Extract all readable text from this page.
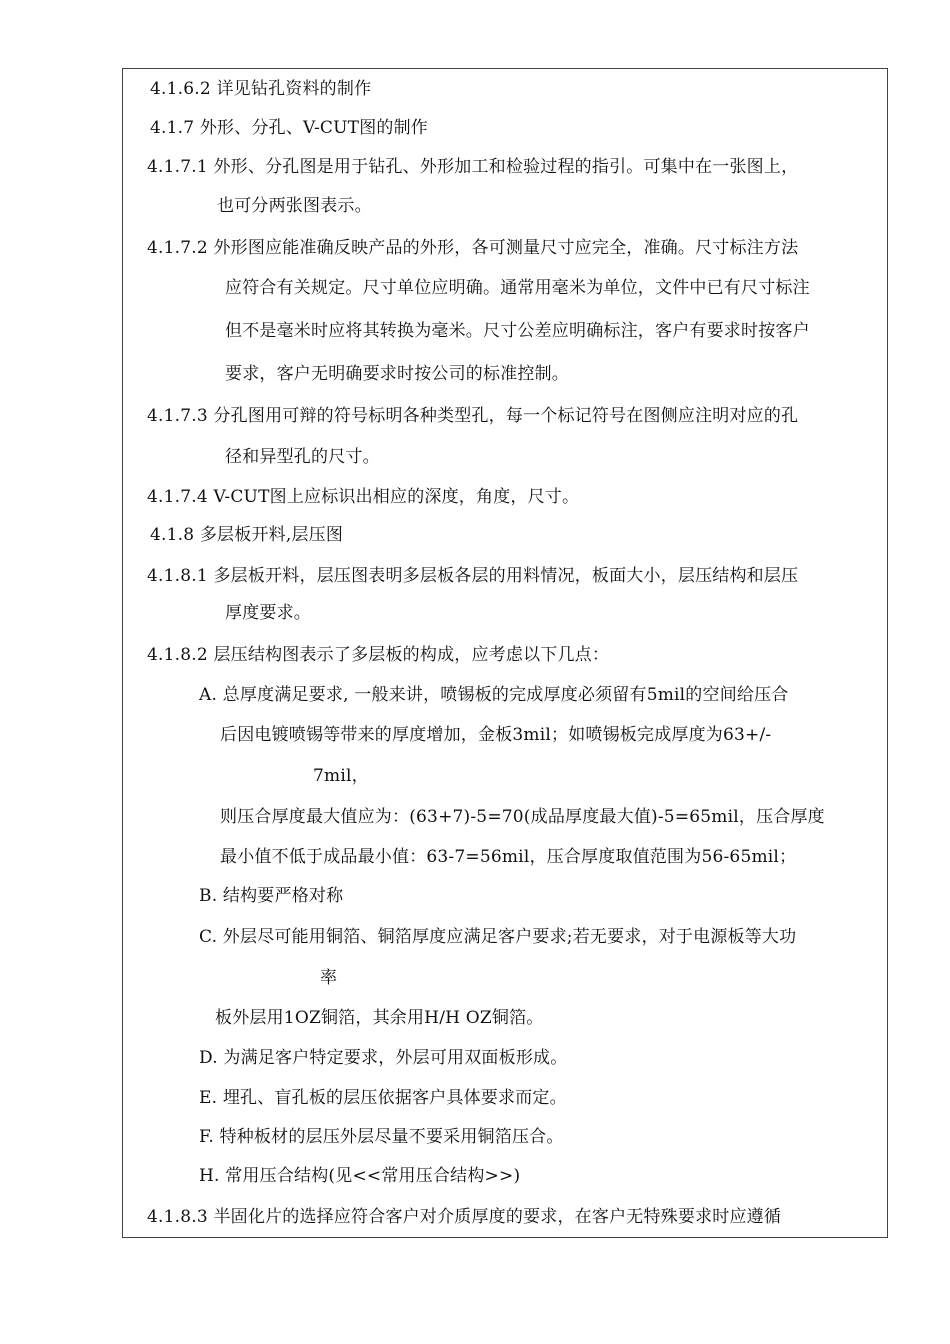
4.1.6.2 详见钻孔资料的制作
4.1.7 外形、分孔、V-CUT图的制作
4.1.7.1 外形、分孔图是用于钻孔、外形加工和检验过程的指引。可集中在一张图上，
也可分两张图表示。
4.1.7.2 外形图应能准确反映产品的外形，各可测量尺寸应完全，准确。尺寸标注方法
应符合有关规定。尺寸单位应明确。通常用毫米为单位，文件中已有尺寸标注
但不是毫米时应将其转换为毫米。尺寸公差应明确标注，客户有要求时按客户
要求，客户无明确要求时按公司的标准控制。
4.1.7.3 分孔图用可辩的符号标明各种类型孔，每一个标记符号在图侧应注明对应的孔
径和异型孔的尺寸。
4.1.7.4 V-CUT图上应标识出相应的深度，角度，尺寸。
4.1.8 多层板开料,层压图
4.1.8.1 多层板开料，层压图表明多层板各层的用料情况，板面大小，层压结构和层压
厚度要求。
4.1.8.2 层压结构图表示了多层板的构成，应考虑以下几点：
A. 总厚度满足要求, 一般来讲，喷锡板的完成厚度必须留有5mil的空间给压合
后因电镀喷锡等带来的厚度增加，金板3mil；如喷锡板完成厚度为63+/-
7mil，
则压合厚度最大值应为：(63+7)-5=70(成品厚度最大值)-5=65mil，压合厚度
最小值不低于成品最小值：63-7=56mil，压合厚度取值范围为56-65mil；
B. 结构要严格对称
C. 外层尽可能用铜箔、铜箔厚度应满足客户要求;若无要求，对于电源板等大功
率
板外层用1OZ铜箔，其余用H/H OZ铜箔。
D. 为满足客户特定要求，外层可用双面板形成。
E. 埋孔、盲孔板的层压依据客户具体要求而定。
F. 特种板材的层压外层尽量不要采用铜箔压合。
H. 常用压合结构(见<<常用压合结构>>)
4.1.8.3 半固化片的选择应符合客户对介质厚度的要求，在客户无特殊要求时应遵循
